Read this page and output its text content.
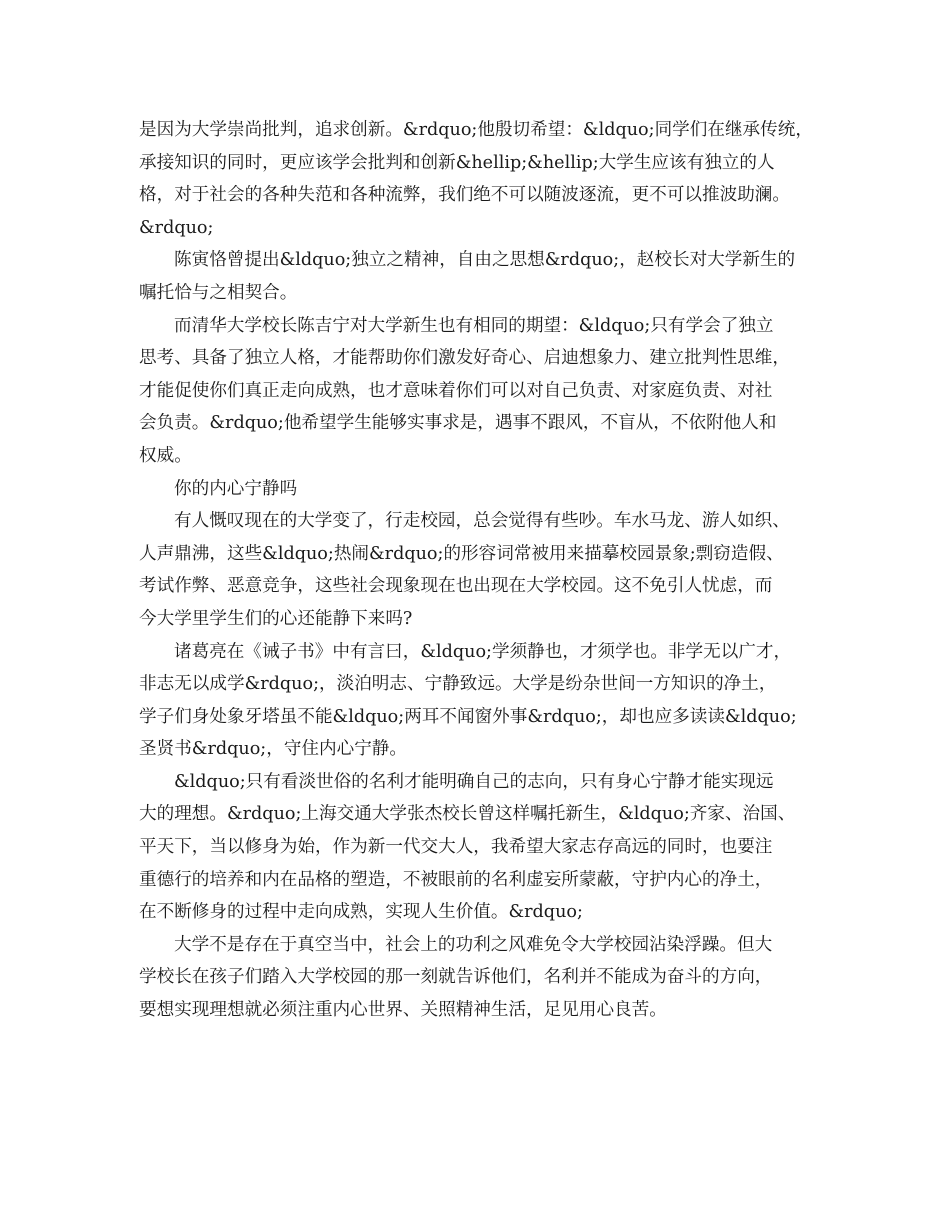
是因为大学崇尚批判，追求创新。&rdquo;他殷切希望：&ldquo;同学们在继承传统，
承接知识的同时，更应该学会批判和创新&hellip;&hellip;大学生应该有独立的人
格，对于社会的各种失范和各种流弊，我们绝不可以随波逐流，更不可以推波助澜。
&rdquo;
陈寅恪曾提出&ldquo;独立之精神，自由之思想&rdquo;，赵校长对大学新生的
嘱托恰与之相契合。
而清华大学校长陈吉宁对大学新生也有相同的期望：&ldquo;只有学会了独立
思考、具备了独立人格，才能帮助你们激发好奇心、启迪想象力、建立批判性思维，
才能促使你们真正走向成熟，也才意味着你们可以对自己负责、对家庭负责、对社
会负责。&rdquo;他希望学生能够实事求是，遇事不跟风，不盲从，不依附他人和
权威。
你的内心宁静吗
有人慨叹现在的大学变了，行走校园，总会觉得有些吵。车水马龙、游人如织、
人声鼎沸，这些&ldquo;热闹&rdquo;的形容词常被用来描摹校园景象;剽窃造假、
考试作弊、恶意竞争，这些社会现象现在也出现在大学校园。这不免引人忧虑，而
今大学里学生们的心还能静下来吗?
诸葛亮在《诫子书》中有言曰，&ldquo;学须静也，才须学也。非学无以广才，
非志无以成学&rdquo;，淡泊明志、宁静致远。大学是纷杂世间一方知识的净土，
学子们身处象牙塔虽不能&ldquo;两耳不闻窗外事&rdquo;，却也应多读读&ldquo;
圣贤书&rdquo;，守住内心宁静。
&ldquo;只有看淡世俗的名利才能明确自己的志向，只有身心宁静才能实现远
大的理想。&rdquo;上海交通大学张杰校长曾这样嘱托新生，&ldquo;齐家、治国、
平天下，当以修身为始，作为新一代交大人，我希望大家志存高远的同时，也要注
重德行的培养和内在品格的塑造，不被眼前的名利虚妄所蒙蔽，守护内心的净土，
在不断修身的过程中走向成熟，实现人生价值。&rdquo;
大学不是存在于真空当中，社会上的功利之风难免令大学校园沾染浮躁。但大
学校长在孩子们踏入大学校园的那一刻就告诉他们，名利并不能成为奋斗的方向，
要想实现理想就必须注重内心世界、关照精神生活，足见用心良苦。
